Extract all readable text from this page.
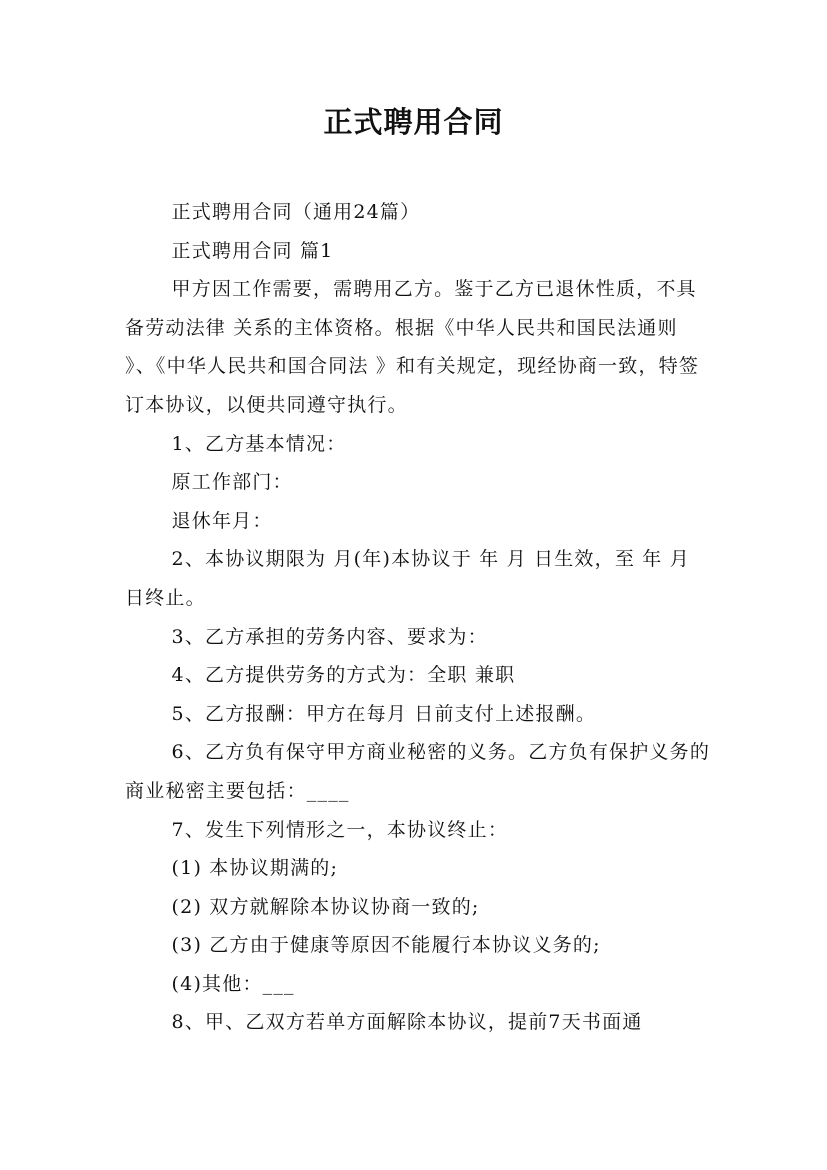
正式聘用合同

正式聘用合同（通用24篇）

正式聘用合同 篇1

甲方因工作需要，需聘用乙方。鉴于乙方已退休性质，不具备劳动法律 关系的主体资格。根据《中华人民共和国民法通则 》、《中华人民共和国合同法 》和有关规定，现经协商一致，特签订本协议，以便共同遵守执行。

1、乙方基本情况：

原工作部门：

退休年月：

2、本协议期限为 月(年)本协议于 年 月 日生效，至 年 月 日终止。

3、乙方承担的劳务内容、要求为：

4、乙方提供劳务的方式为：全职 兼职

5、乙方报酬：甲方在每月 日前支付上述报酬。

6、乙方负有保守甲方商业秘密的义务。乙方负有保护义务的商业秘密主要包括：____

7、发生下列情形之一，本协议终止：

(1) 本协议期满的;

(2) 双方就解除本协议协商一致的;

(3) 乙方由于健康等原因不能履行本协议义务的;

(4)其他：___

8、甲、乙双方若单方面解除本协议，提前7天书面通
